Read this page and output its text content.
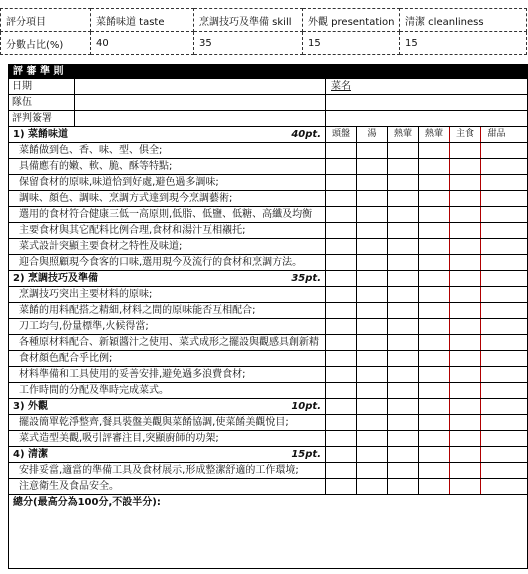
評分項目	菜餚味道 taste	烹調技巧及準備 skill	外觀 presentation	清潔 cleanliness
分數占比(%)	40	35	15	15
評 審 準 則
日期	菜名
隊伍
評判簽署
1) 菜餚味道	40pt.	頭盤	湯	熱葷	熱葷	主食	甜品
菜餚做到色、香、味、型、俱全;
具備應有的嫩、軟、脆、酥等特點;
保留食材的原味,味道恰到好處,避色過多調味;
調味、顏色、調味、烹調方式達到現今烹調藝術;
選用的食材符合健康三低一高原則,低脂、低鹽、低糖、高纖及均衡
主要食材與其它配料比例合理,食材和湯汁互相襯托;
菜式設計突顯主要食材之特性及味道;
迎合與照顧現今食客的口味,選用現今及流行的食材和烹調方法。
2) 烹調技巧及準備	35pt.
烹調技巧突出主要材料的原味;
菜餚的用料配搭之精細,材料之間的原味能否互相配合;
刀工均勻,份量標準,火候得當;
各種原材料配合、新穎醬汁之使用、菜式成形之擺設與觀感具創新精
食材顏色配合乎比例;
材料準備和工具使用的妥善安排,避免過多浪費食材;
工作時間的分配及準時完成菜式。
3) 外觀	10pt.
擺設簡單乾淨整齊,餐具裝盤美觀與菜餚協調,使菜餚美觀悅目;
菜式造型美觀,吸引評審注目,突顯廚師的功架;
4) 清潔	15pt.
安排妥當,適當的準備工具及食材展示,形成整潔舒適的工作環境;
注意衛生及食品安全。
總分(最高分為100分,不設半分):
